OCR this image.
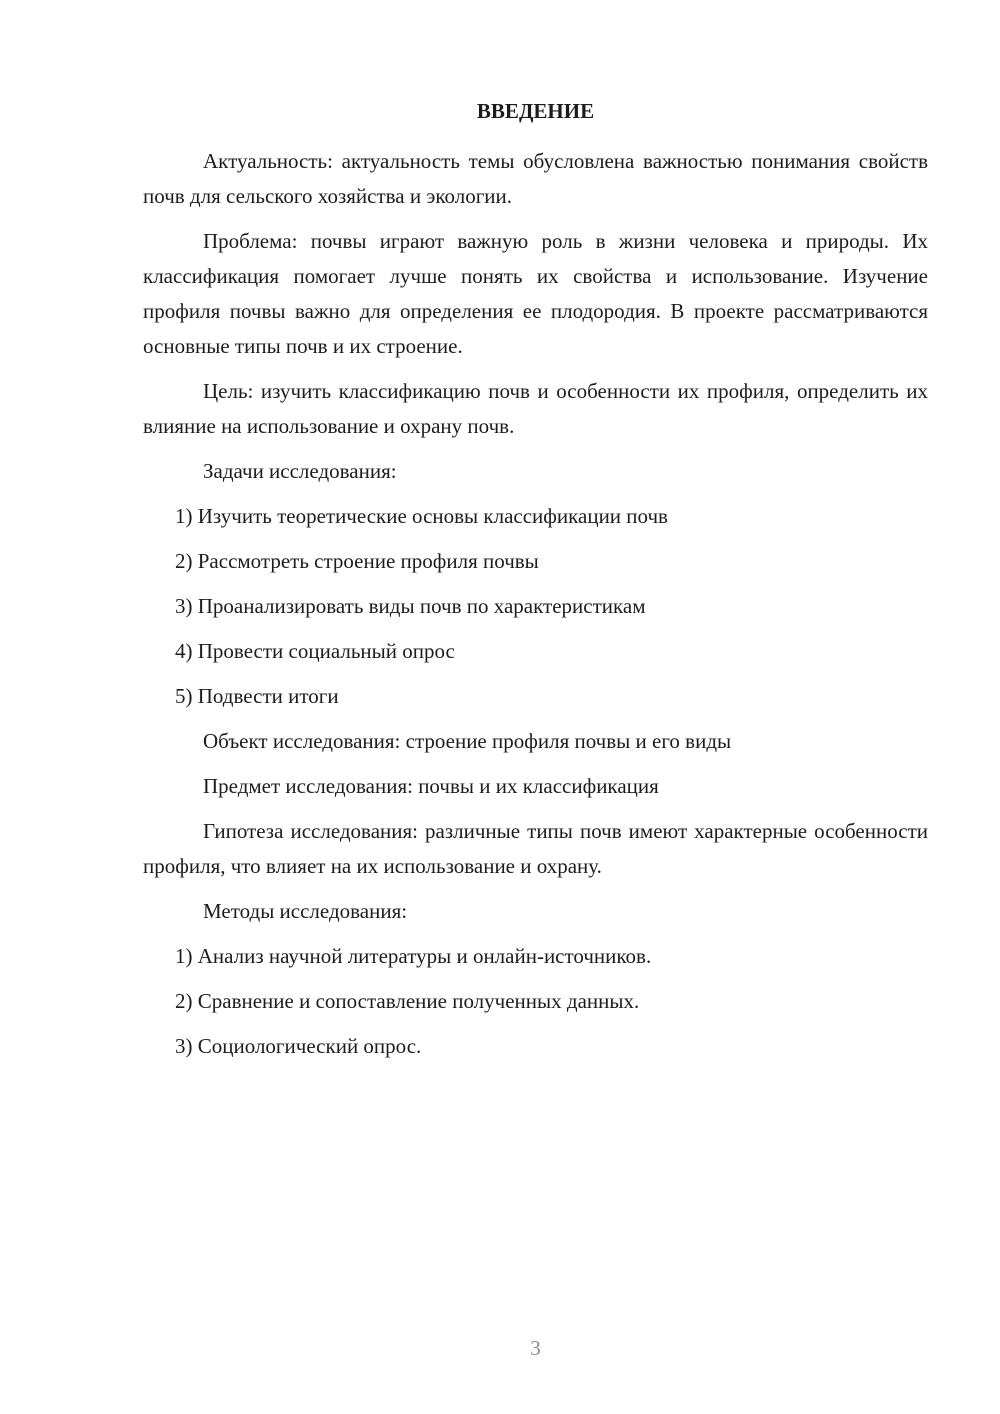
ВВЕДЕНИЕ

Актуальность: актуальность темы обусловлена важностью понимания свойств почв для сельского хозяйства и экологии.

Проблема: почвы играют важную роль в жизни человека и природы. Их классификация помогает лучше понять их свойства и использование. Изучение профиля почвы важно для определения ее плодородия. В проекте рассматриваются основные типы почв и их строение.

Цель: изучить классификацию почв и особенности их профиля, определить их влияние на использование и охрану почв.

Задачи исследования:

1) Изучить теоретические основы классификации почв

2) Рассмотреть строение профиля почвы

3) Проанализировать виды почв по характеристикам

4) Провести социальный опрос

5) Подвести итоги

Объект исследования: строение профиля почвы и его виды

Предмет исследования: почвы и их классификация

Гипотеза исследования: различные типы почв имеют характерные особенности профиля, что влияет на их использование и охрану.

Методы исследования:

1) Анализ научной литературы и онлайн-источников.

2) Сравнение и сопоставление полученных данных.

3) Социологический опрос.

3
